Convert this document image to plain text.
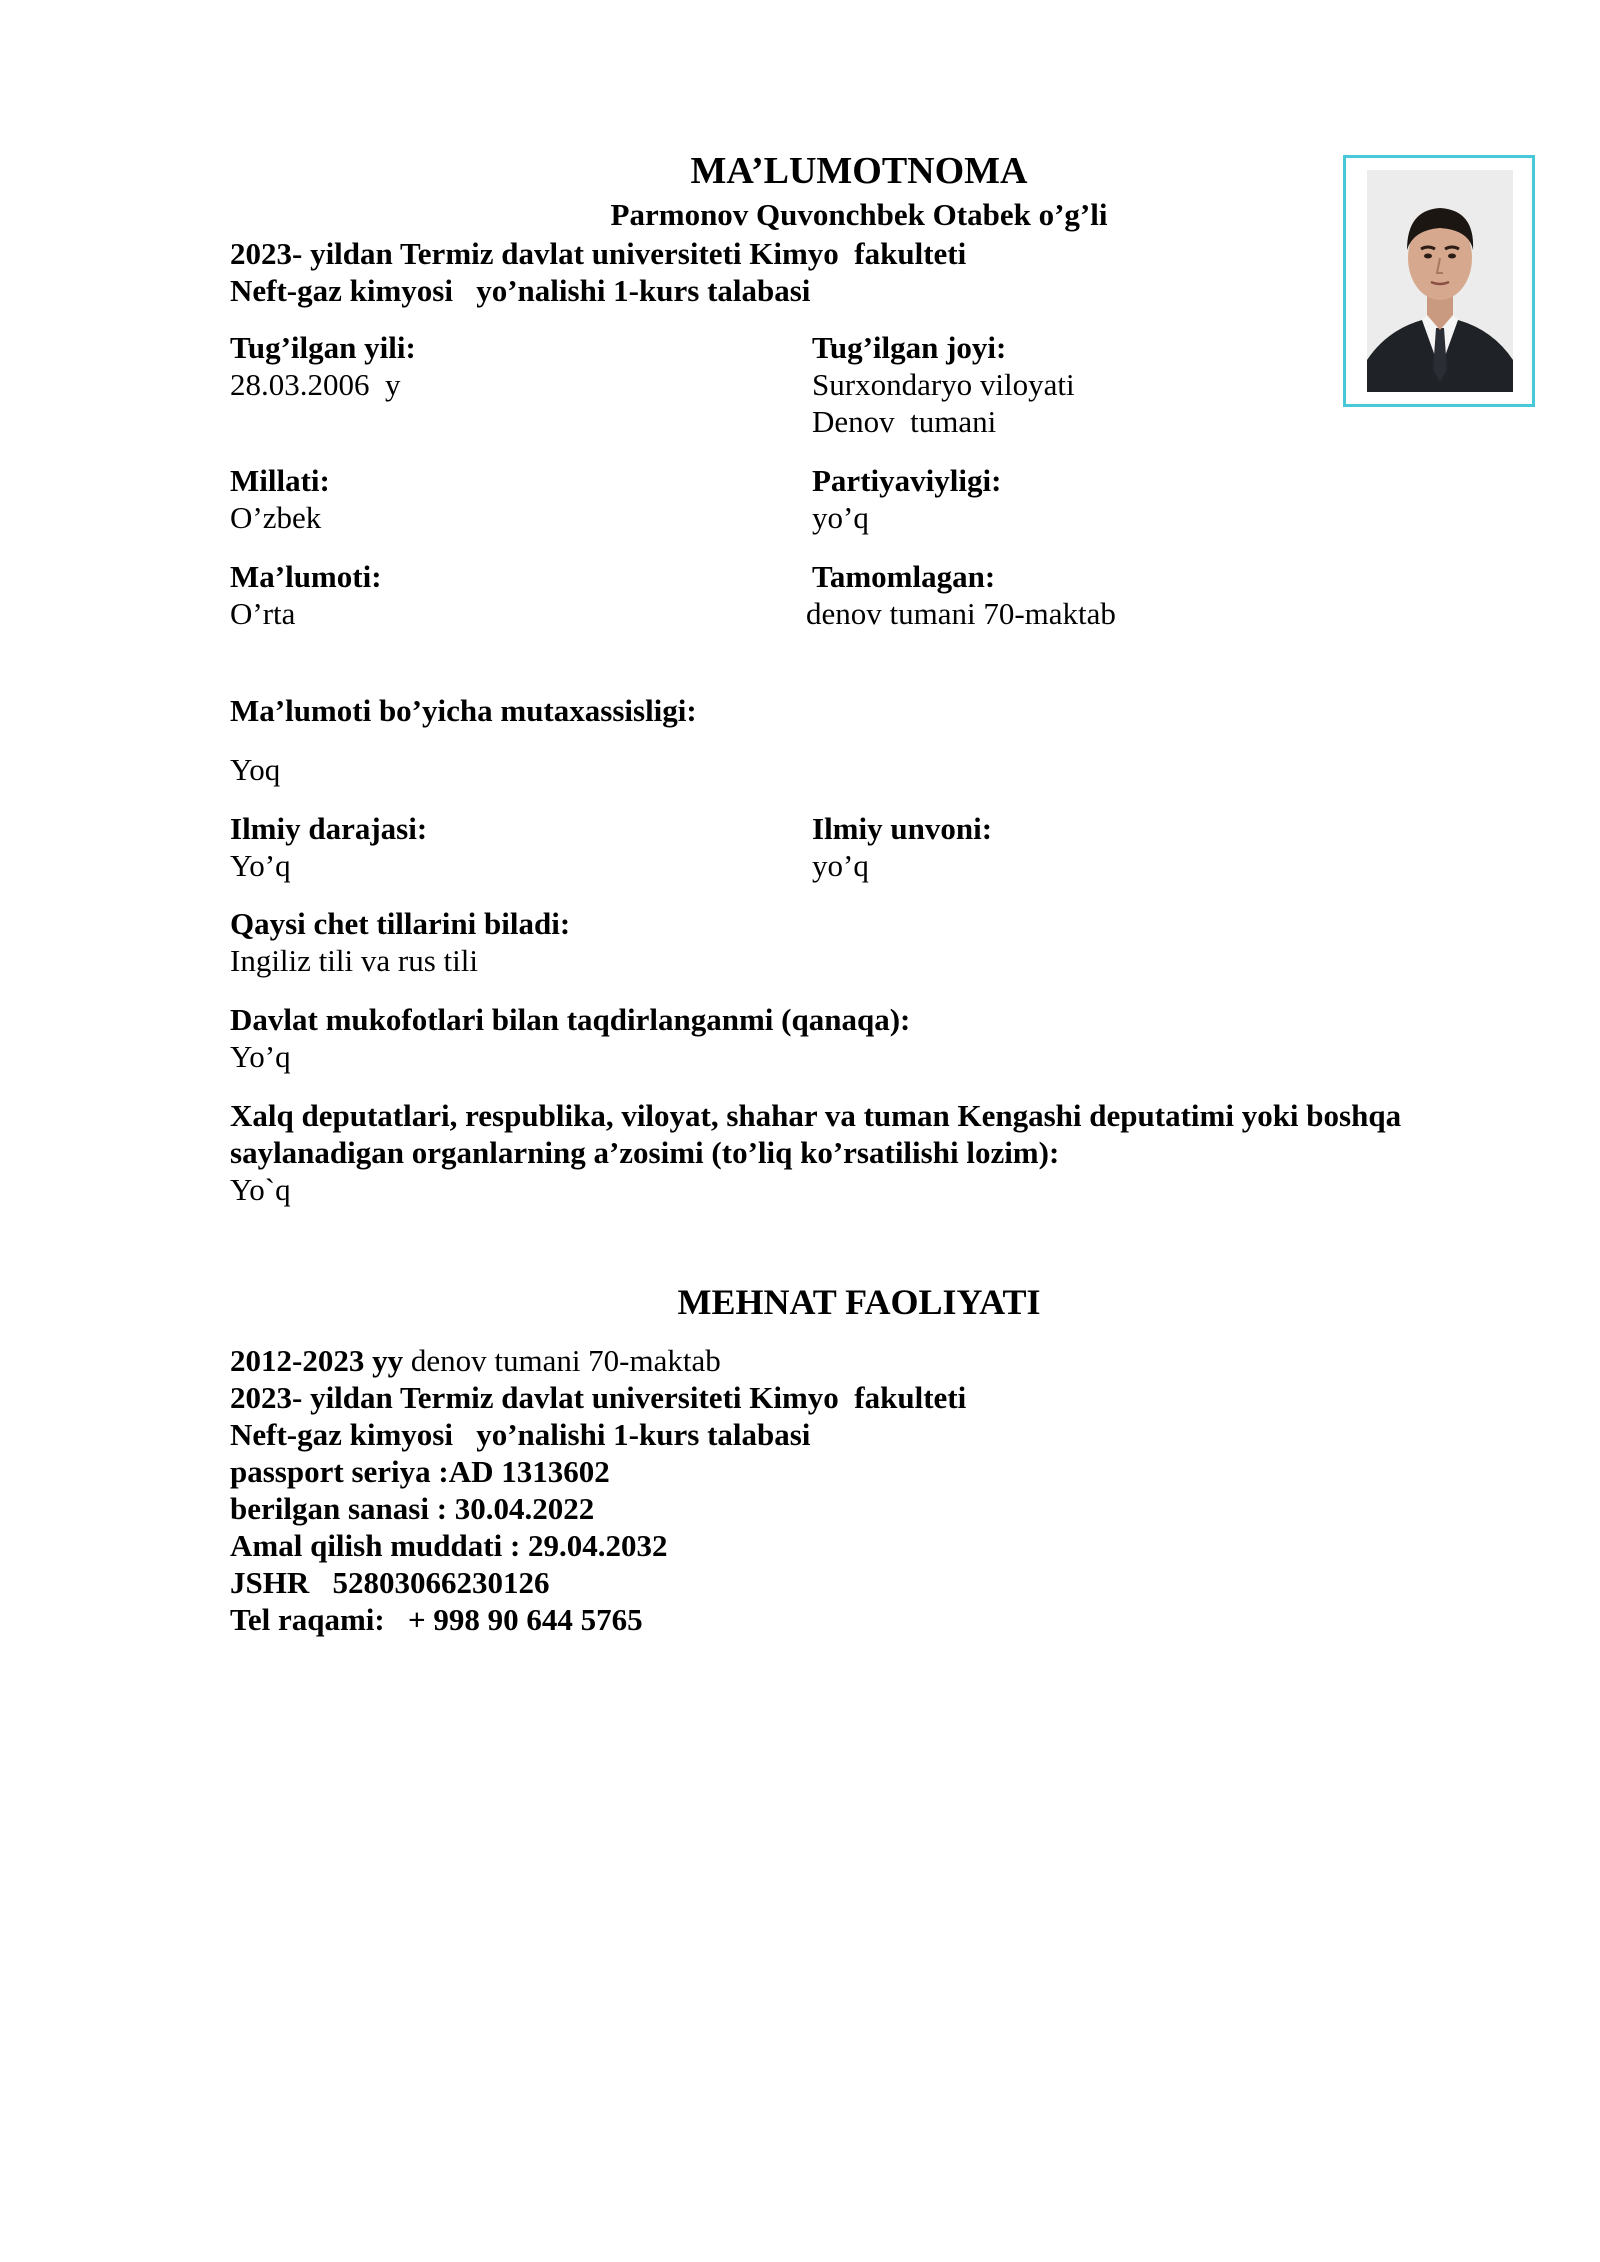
MA’LUMOTNOMA
Parmonov Quvonchbek Otabek o’g’li
2023- yildan Termiz davlat universiteti Kimyo  fakulteti
Neft-gaz kimyosi   yo’nalishi 1-kurs talabasi
Tug’ilgan yili:	Tug’ilgan joyi:
28.03.2006  y	Surxondaryo viloyati
Denov  tumani
Millati:	Partiyaviyligi:
O’zbek	yo’q
Ma’lumoti:	Tamomlagan:
O’rta	denov tumani 70-maktab
Ma’lumoti bo’yicha mutaxassisligi:
Yoq
Ilmiy darajasi:	Ilmiy unvoni:
Yo’q	yo’q
Qaysi chet tillarini biladi:
Ingiliz tili va rus tili
Davlat mukofotlari bilan taqdirlanganmi (qanaqa):
Yo’q
Xalq deputatlari, respublika, viloyat, shahar va tuman Kengashi deputatimi yoki boshqa
saylanadigan organlarning a’zosimi (to’liq ko’rsatilishi lozim):
Yo`q
MEHNAT FAOLIYATI
2012-2023 yy denov tumani 70-maktab
2023- yildan Termiz davlat universiteti Kimyo  fakulteti
Neft-gaz kimyosi   yo’nalishi 1-kurs talabasi
passport seriya :AD 1313602
berilgan sanasi : 30.04.2022
Amal qilish muddati : 29.04.2032
JSHR   52803066230126
Tel raqami:   + 998 90 644 5765
